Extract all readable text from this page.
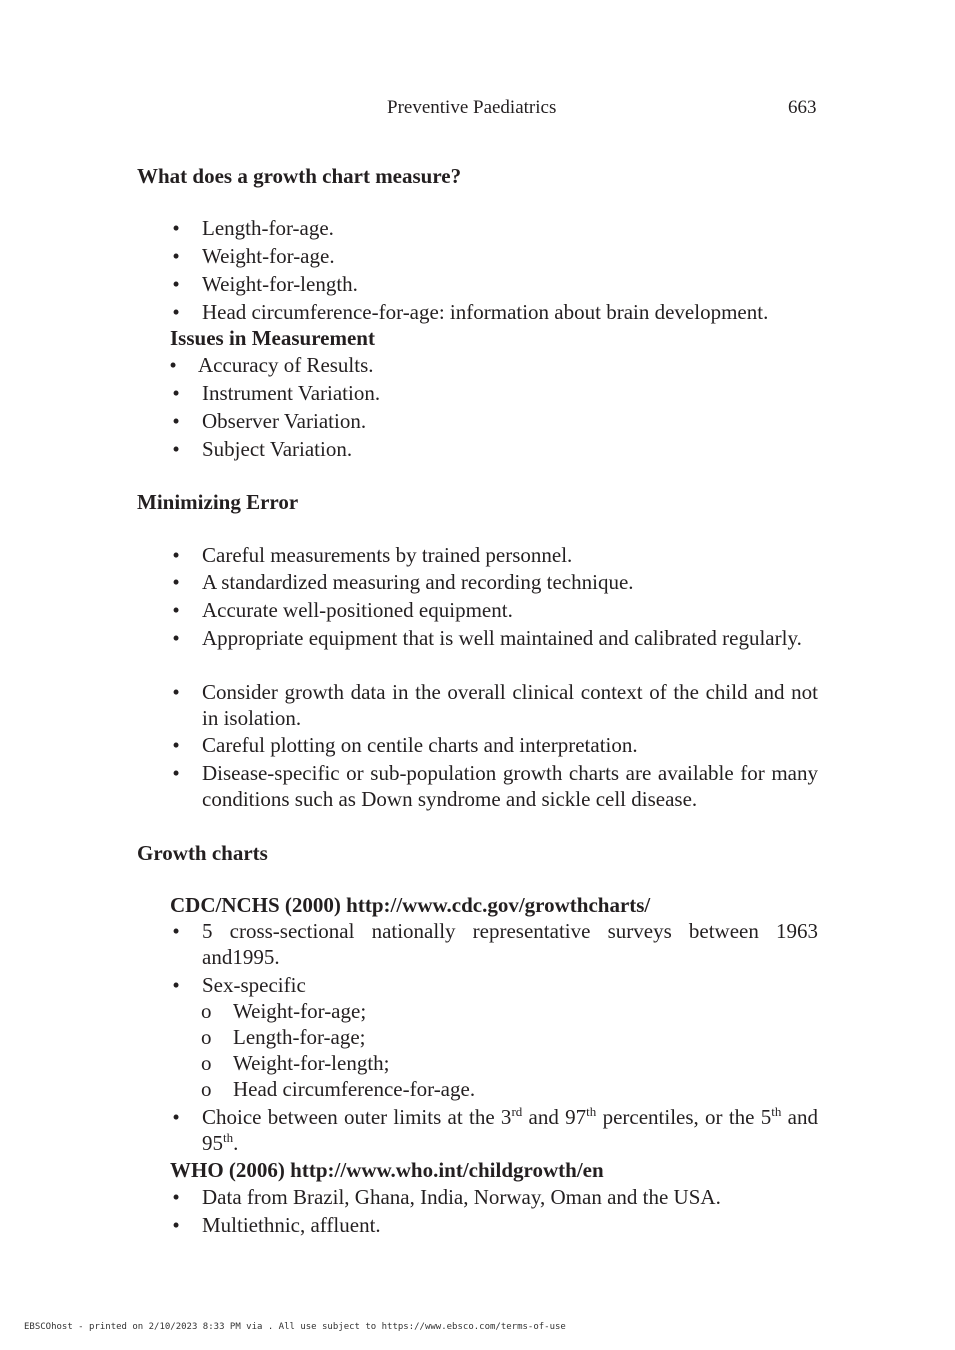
Preventive Paediatrics	663
What does a growth chart measure?
• Length-for-age.
• Weight-for-age.
• Weight-for-length.
• Head circumference-for-age: information about brain development.
Issues in Measurement
• Accuracy of Results.
• Instrument Variation.
• Observer Variation.
• Subject Variation.
Minimizing Error
• Careful measurements by trained personnel.
• A standardized measuring and recording technique.
• Accurate well-positioned equipment.
• Appropriate equipment that is well maintained and calibrated regularly.
• Consider growth data in the overall clinical context of the child and not in isolation.
• Careful plotting on centile charts and interpretation.
• Disease-specific or sub-population growth charts are available for many conditions such as Down syndrome and sickle cell disease.
Growth charts
CDC/NCHS (2000) http://www.cdc.gov/growthcharts/
• 5 cross-sectional nationally representative surveys between 1963 and1995.
• Sex-specific
o Weight-for-age;
o Length-for-age;
o Weight-for-length;
o Head circumference-for-age.
• Choice between outer limits at the 3rd and 97th percentiles, or the 5th and 95th.
WHO (2006) http://www.who.int/childgrowth/en
• Data from Brazil, Ghana, India, Norway, Oman and the USA.
• Multiethnic, affluent.
EBSCOhost - printed on 2/10/2023 8:33 PM via . All use subject to https://www.ebsco.com/terms-of-use
